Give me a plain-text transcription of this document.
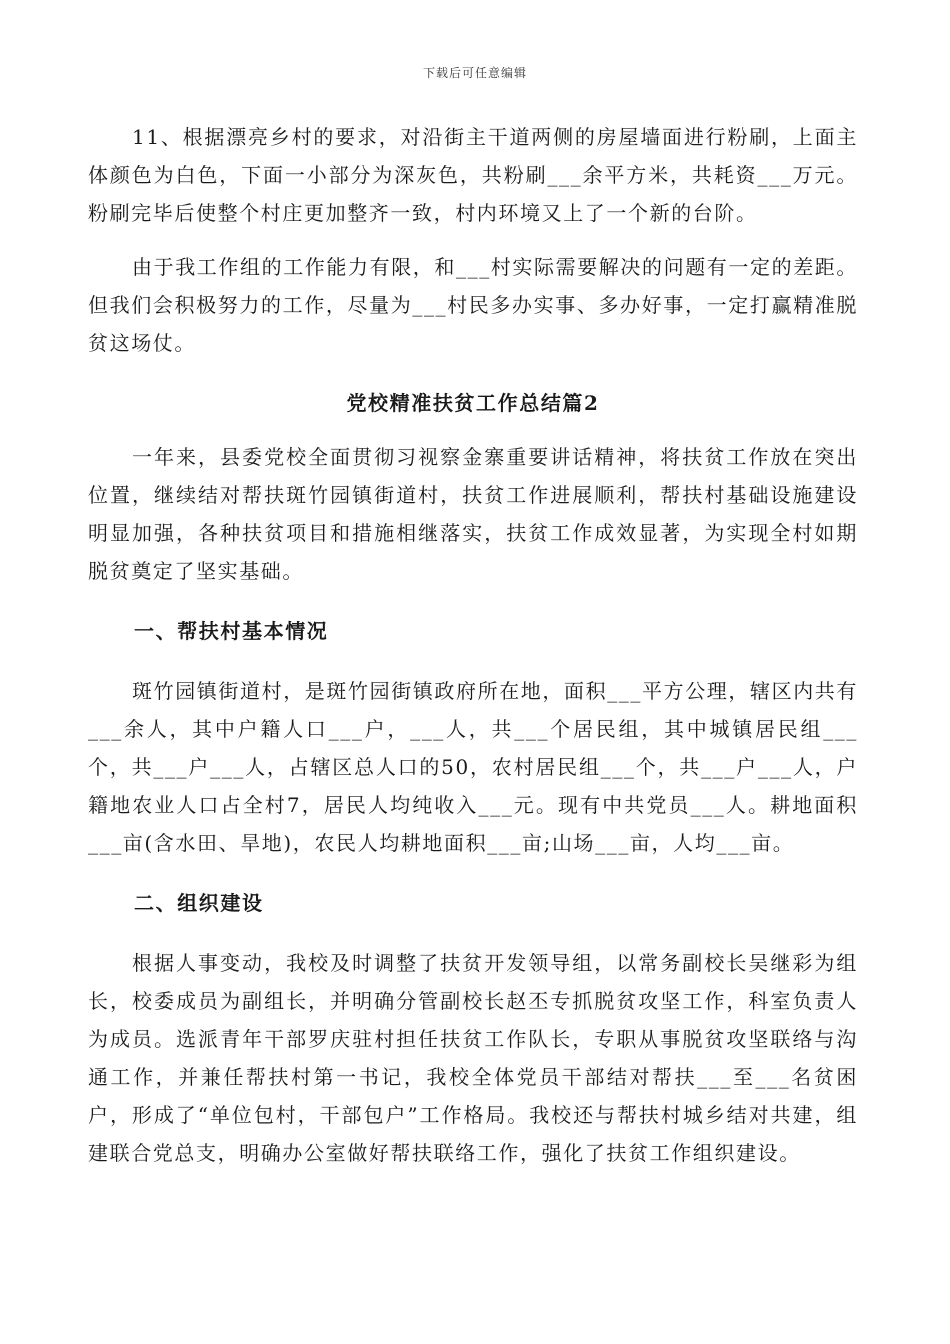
下载后可任意编辑

11、根据漂亮乡村的要求，对沿街主干道两侧的房屋墙面进行粉刷，上面主体颜色为白色，下面一小部分为深灰色，共粉刷___余平方米，共耗资___万元。粉刷完毕后使整个村庄更加整齐一致，村内环境又上了一个新的台阶。

由于我工作组的工作能力有限，和___村实际需要解决的问题有一定的差距。但我们会积极努力的工作，尽量为___村民多办实事、多办好事，一定打赢精准脱贫这场仗。

党校精准扶贫工作总结篇2

一年来，县委党校全面贯彻习视察金寨重要讲话精神，将扶贫工作放在突出位置，继续结对帮扶斑竹园镇街道村，扶贫工作进展顺利，帮扶村基础设施建设明显加强，各种扶贫项目和措施相继落实，扶贫工作成效显著，为实现全村如期脱贫奠定了坚实基础。

一、帮扶村基本情况

斑竹园镇街道村，是斑竹园街镇政府所在地，面积___平方公理，辖区内共有___余人，其中户籍人口___户，___人，共___个居民组，其中城镇居民组___个，共___户___人，占辖区总人口的50，农村居民组___个，共___户___人，户籍地农业人口占全村7，居民人均纯收入___元。现有中共党员___人。耕地面积___亩(含水田、旱地)，农民人均耕地面积___亩;山场___亩，人均___亩。

二、组织建设

根据人事变动，我校及时调整了扶贫开发领导组，以常务副校长吴继彩为组长，校委成员为副组长，并明确分管副校长赵丕专抓脱贫攻坚工作，科室负责人为成员。选派青年干部罗庆驻村担任扶贫工作队长，专职从事脱贫攻坚联络与沟通工作，并兼任帮扶村第一书记，我校全体党员干部结对帮扶___至___名贫困户，形成了“单位包村，干部包户”工作格局。我校还与帮扶村城乡结对共建，组建联合党总支，明确办公室做好帮扶联络工作，强化了扶贫工作组织建设。
